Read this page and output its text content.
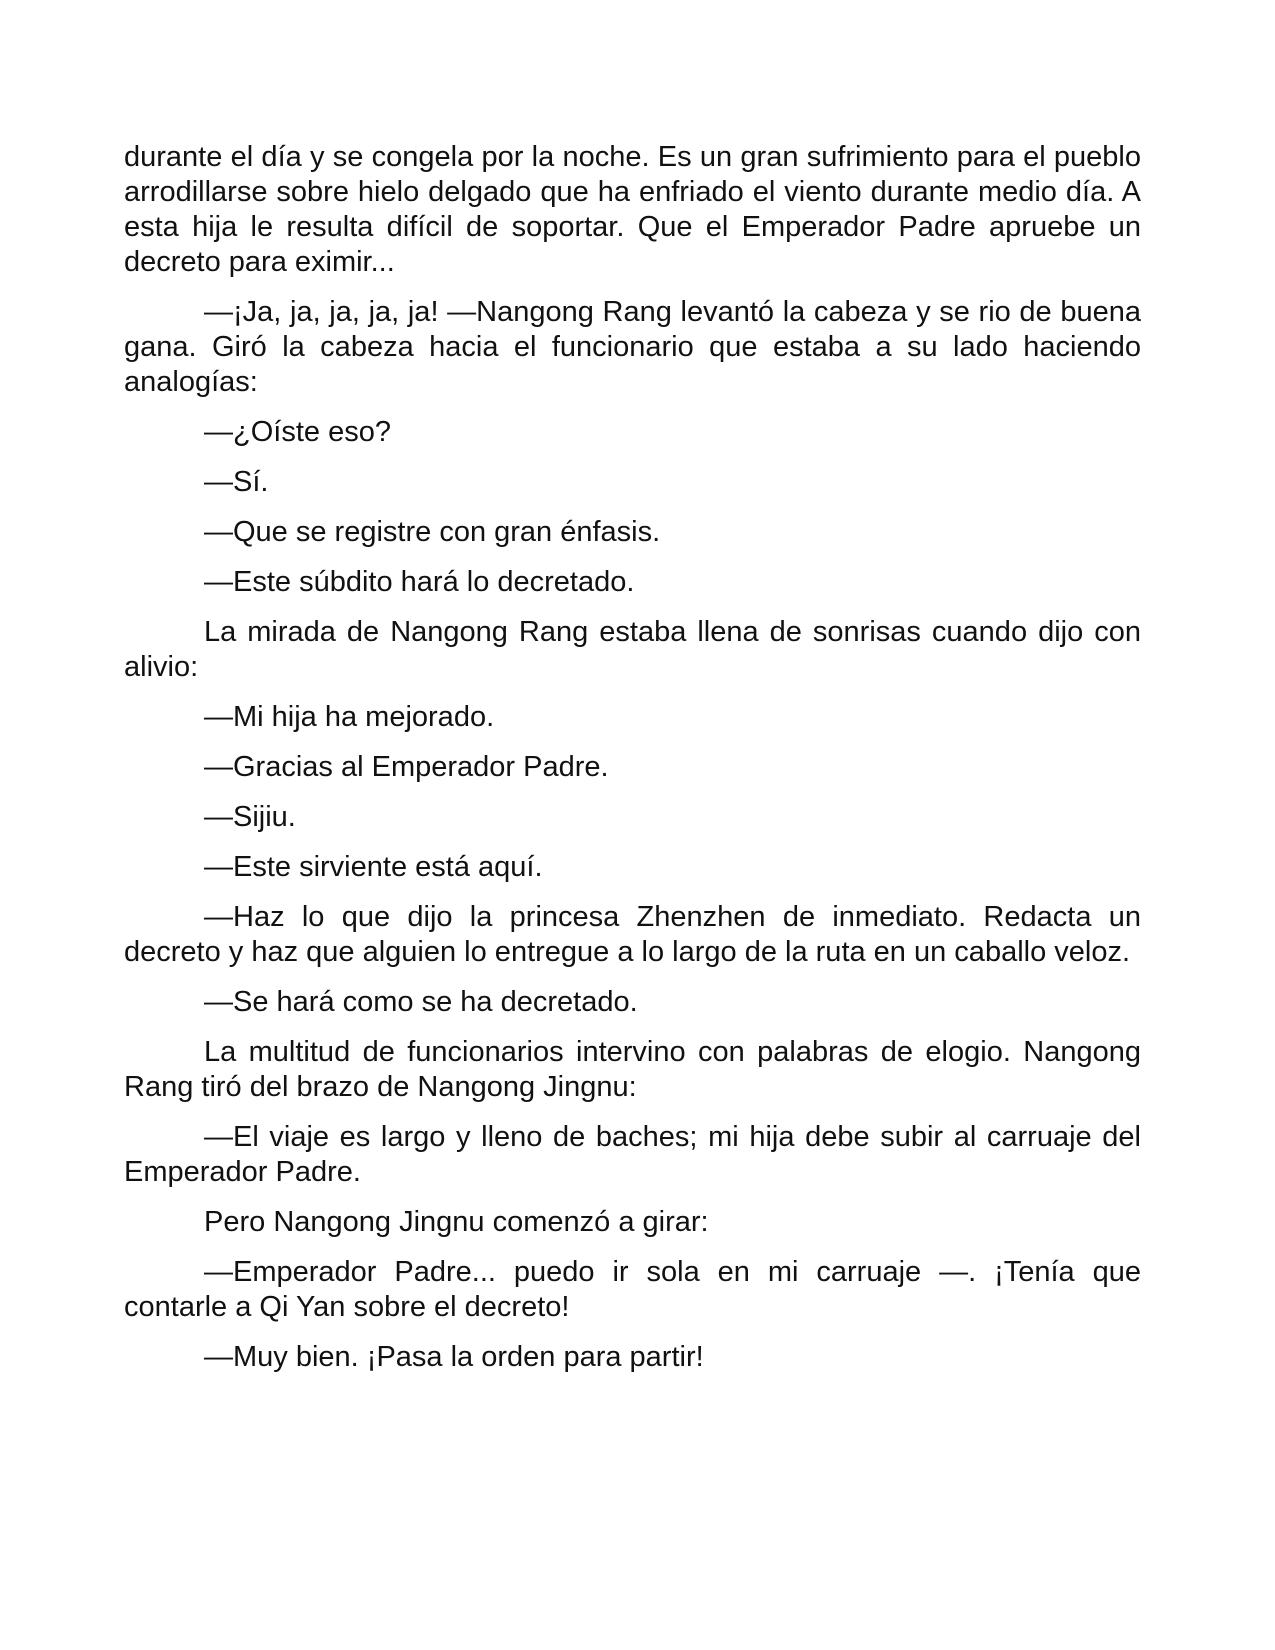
durante el día y se congela por la noche. Es un gran sufrimiento para el pueblo arrodillarse sobre hielo delgado que ha enfriado el viento durante medio día. A esta hija le resulta difícil de soportar. Que el Emperador Padre apruebe un decreto para eximir...

—¡Ja, ja, ja, ja, ja! —Nangong Rang levantó la cabeza y se rio de buena gana. Giró la cabeza hacia el funcionario que estaba a su lado haciendo analogías:

—¿Oíste eso?

—Sí.

—Que se registre con gran énfasis.

—Este súbdito hará lo decretado.

La mirada de Nangong Rang estaba llena de sonrisas cuando dijo con alivio:

—Mi hija ha mejorado.

—Gracias al Emperador Padre.

—Sijiu.

—Este sirviente está aquí.

—Haz lo que dijo la princesa Zhenzhen de inmediato. Redacta un decreto y haz que alguien lo entregue a lo largo de la ruta en un caballo veloz.

—Se hará como se ha decretado.

La multitud de funcionarios intervino con palabras de elogio. Nangong Rang tiró del brazo de Nangong Jingnu:

—El viaje es largo y lleno de baches; mi hija debe subir al carruaje del Emperador Padre.

Pero Nangong Jingnu comenzó a girar:

—Emperador Padre... puedo ir sola en mi carruaje —. ¡Tenía que contarle a Qi Yan sobre el decreto!

—Muy bien. ¡Pasa la orden para partir!
